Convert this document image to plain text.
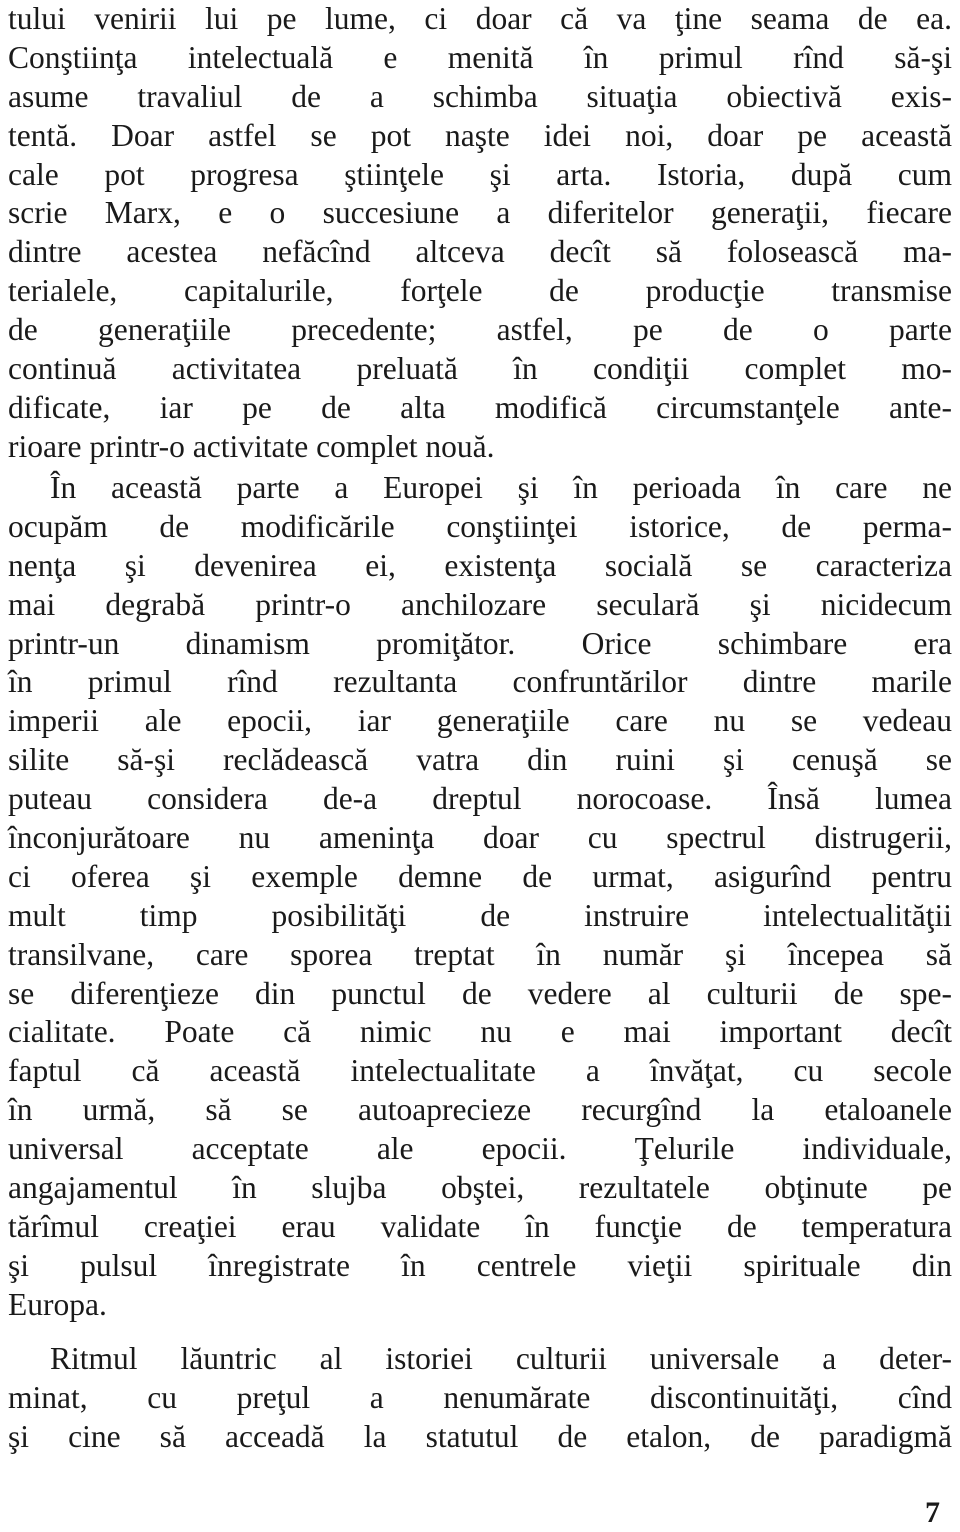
tului venirii lui pe lume, ci doar că va ţine seama de ea.
Conştiinţa intelectuală e menită în primul rînd să-şi
asume travaliul de a schimba situaţia obiectivă exis-
tentă. Doar astfel se pot naşte idei noi, doar pe această
cale pot progresa ştiinţele şi arta. Istoria, după cum
scrie Marx, e o succesiune a diferitelor generaţii, fiecare
dintre acestea nefăcînd altceva decît să folosească ma-
terialele, capitalurile, forţele de producţie transmise
de generaţiile precedente; astfel, pe de o parte
continuă activitatea preluată în condiţii complet mo-
dificate, iar pe de alta modifică circumstanţele ante-
rioare printr-o activitate complet nouă.
În această parte a Europei şi în perioada în care ne
ocupăm de modificările conştiinţei istorice, de perma-
nenţa şi devenirea ei, existenţa socială se caracteriza
mai degrabă printr-o anchilozare seculară şi nicidecum
printr-un dinamism promiţător. Orice schimbare era
în primul rînd rezultanta confruntărilor dintre marile
imperii ale epocii, iar generaţiile care nu se vedeau
silite să-şi reclădească vatra din ruini şi cenuşă se
puteau considera de-a dreptul norocoase. Însă lumea
înconjurătoare nu ameninţa doar cu spectrul distrugerii,
ci oferea şi exemple demne de urmat, asigurînd pentru
mult timp posibilităţi de instruire intelectualităţii
transilvane, care sporea treptat în număr şi începea să
se diferenţieze din punctul de vedere al culturii de spe-
cialitate. Poate că nimic nu e mai important decît
faptul că această intelectualitate a învăţat, cu secole
în urmă, să se autoaprecieze recurgînd la etaloanele
universal acceptate ale epocii. Ţelurile individuale,
angajamentul în slujba obştei, rezultatele obţinute pe
tărîmul creaţiei erau validate în funcţie de temperatura
şi pulsul înregistrate în centrele vieţii spirituale din
Europa.
Ritmul lăuntric al istoriei culturii universale a deter-
minat, cu preţul a nenumărate discontinuităţi, cînd
şi cine să acceadă la statutul de etalon, de paradigmă
7
